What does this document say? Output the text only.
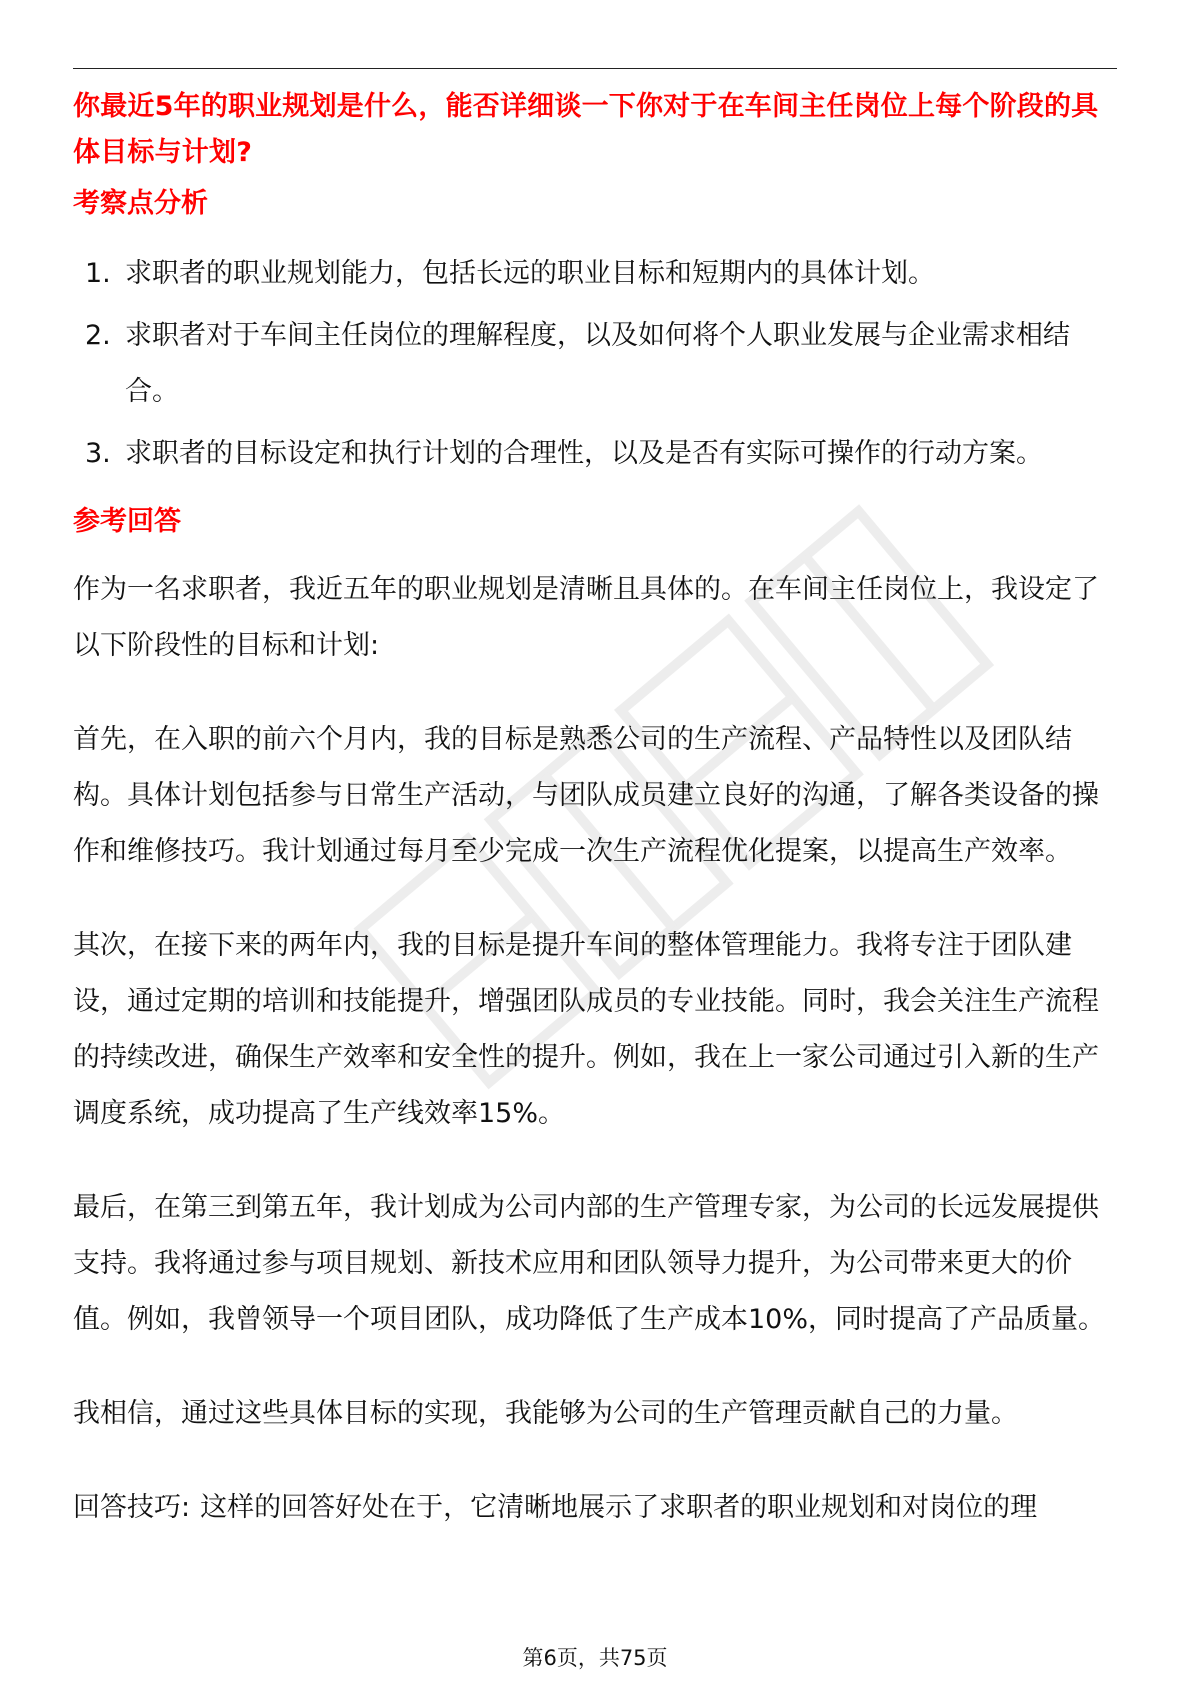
你最近5年的职业规划是什么，能否详细谈一下你对于在车间主任岗位上每个阶段的具体目标与计划?
考察点分析
1. 求职者的职业规划能力，包括长远的职业目标和短期内的具体计划。
2. 求职者对于车间主任岗位的理解程度，以及如何将个人职业发展与企业需求相结合。
3. 求职者的目标设定和执行计划的合理性，以及是否有实际可操作的行动方案。
参考回答

作为一名求职者，我近五年的职业规划是清晰且具体的。在车间主任岗位上，我设定了以下阶段性的目标和计划:

首先，在入职的前六个月内，我的目标是熟悉公司的生产流程、产品特性以及团队结构。具体计划包括参与日常生产活动，与团队成员建立良好的沟通，了解各类设备的操作和维修技巧。我计划通过每月至少完成一次生产流程优化提案，以提高生产效率。

其次，在接下来的两年内，我的目标是提升车间的整体管理能力。我将专注于团队建设，通过定期的培训和技能提升，增强团队成员的专业技能。同时，我会关注生产流程的持续改进，确保生产效率和安全性的提升。例如，我在上一家公司通过引入新的生产调度系统，成功提高了生产线效率15%。

最后，在第三到第五年，我计划成为公司内部的生产管理专家，为公司的长远发展提供支持。我将通过参与项目规划、新技术应用和团队领导力提升，为公司带来更大的价值。例如，我曾领导一个项目团队，成功降低了生产成本10%，同时提高了产品质量。

我相信，通过这些具体目标的实现，我能够为公司的生产管理贡献自己的力量。

回答技巧: 这样的回答好处在于，它清晰地展示了求职者的职业规划和对岗位的理

第6页，共75页
